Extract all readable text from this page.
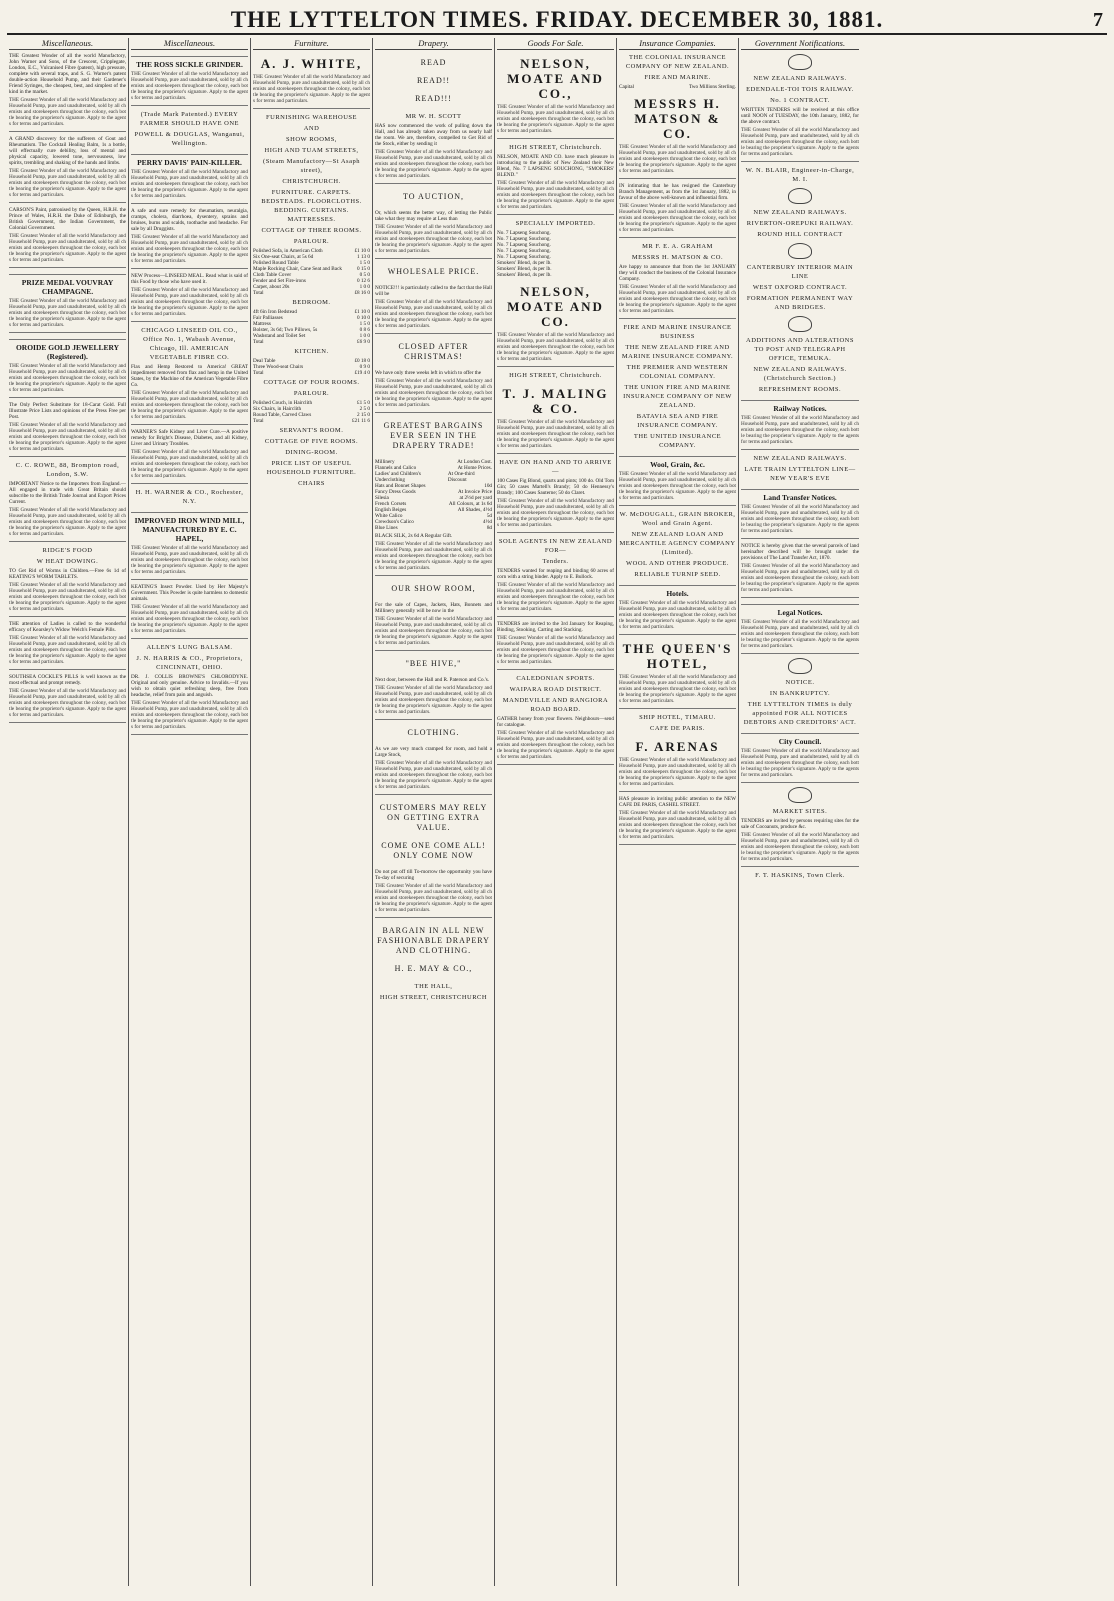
THE LYTTELTON TIMES. FRIDAY. DECEMBER 30, 1881.	7
Miscellaneous.
THE Greatest Wonder of all the world Manufactory, John Warner and Sons, of the Crescent, Cripplegate, London, E.C., Vulcanised Fibre (patent), high pressure, complete with several traps, and S. G. Warner's patent double-action Household Pump, and their Gardener's Friend Syringes, the cheapest, best, and simplest of the kind in the market.
THE Greatest Wonder of all the world Manufactory and Household Pump, pure and unadulterated, sold by all chemists and storekeepers throughout the colony, each bottle bearing the proprietor's signature. Apply to the agents for terms and particulars.
A GRAND discovery for the sufferers of Gout and Rheumatism. The Cocktail Healing Balm, 1s a bottle, will effectually cure debility, loss of mental and physical capacity, lowered tone, nervousness, low spirits, trembling and shaking of the hands and limbs.
THE Greatest Wonder of all the world Manufactory and Household Pump, pure and unadulterated, sold by all chemists and storekeepers throughout the colony, each bottle bearing the proprietor's signature. Apply to the agents for terms and particulars.
CARSON'S Paint, patronised by the Queen, H.R.H. the Prince of Wales, H.R.H. the Duke of Edinburgh, the British Government, the Indian Government, the Colonial Government.
THE Greatest Wonder of all the world Manufactory and Household Pump, pure and unadulterated, sold by all chemists and storekeepers throughout the colony, each bottle bearing the proprietor's signature. Apply to the agents for terms and particulars.
PRIZE MEDAL VOUVRAY CHAMPAGNE.
THE Greatest Wonder of all the world Manufactory and Household Pump, pure and unadulterated, sold by all chemists and storekeepers throughout the colony, each bottle bearing the proprietor's signature. Apply to the agents for terms and particulars.
OROIDE GOLD JEWELLERY (Registered).
THE Greatest Wonder of all the world Manufactory and Household Pump, pure and unadulterated, sold by all chemists and storekeepers throughout the colony, each bottle bearing the proprietor's signature. Apply to the agents for terms and particulars.
The Only Perfect Substitute for 18-Carat Gold. Full Illustrate Price Lists and opinions of the Press Free per Post.
THE Greatest Wonder of all the world Manufactory and Household Pump, pure and unadulterated, sold by all chemists and storekeepers throughout the colony, each bottle bearing the proprietor's signature. Apply to the agents for terms and particulars.
C. C. ROWE, 88, Brompton road, London, S.W.
IMPORTANT Notice to the Importers from England.—All engaged in trade with Great Britain should subscribe to the British Trade Journal and Export Prices Current.
THE Greatest Wonder of all the world Manufactory and Household Pump, pure and unadulterated, sold by all chemists and storekeepers throughout the colony, each bottle bearing the proprietor's signature. Apply to the agents for terms and particulars.
RIDGE'S FOOD
W HEAT DOWING.
TO Get Rid of Worms in Children.—Free 6s 1d of KEATING'S WORM TABLETS.
THE Greatest Wonder of all the world Manufactory and Household Pump, pure and unadulterated, sold by all chemists and storekeepers throughout the colony, each bottle bearing the proprietor's signature. Apply to the agents for terms and particulars.
THE attention of Ladies is called to the wonderful efficacy of Kearsley's Widow Welch's Female Pills.
THE Greatest Wonder of all the world Manufactory and Household Pump, pure and unadulterated, sold by all chemists and storekeepers throughout the colony, each bottle bearing the proprietor's signature. Apply to the agents for terms and particulars.
SOUTHSEA COCKLE'S PILLS is well known as the most effectual and prompt remedy.
THE Greatest Wonder of all the world Manufactory and Household Pump, pure and unadulterated, sold by all chemists and storekeepers throughout the colony, each bottle bearing the proprietor's signature. Apply to the agents for terms and particulars.
Miscellaneous.
THE ROSS SICKLE GRINDER.
THE Greatest Wonder of all the world Manufactory and Household Pump, pure and unadulterated, sold by all chemists and storekeepers throughout the colony, each bottle bearing the proprietor's signature. Apply to the agents for terms and particulars.
(Trade Mark Patented.) EVERY FARMER SHOULD HAVE ONE
POWELL & DOUGLAS, Wanganui, Wellington.
PERRY DAVIS' PAIN-KILLER.
THE Greatest Wonder of all the world Manufactory and Household Pump, pure and unadulterated, sold by all chemists and storekeepers throughout the colony, each bottle bearing the proprietor's signature. Apply to the agents for terms and particulars.
A safe and sure remedy for rheumatism, neuralgia, cramps, cholera, diarrhoea, dysentery, sprains and bruises, burns and scalds, toothache and headache. For sale by all Druggists.
THE Greatest Wonder of all the world Manufactory and Household Pump, pure and unadulterated, sold by all chemists and storekeepers throughout the colony, each bottle bearing the proprietor's signature. Apply to the agents for terms and particulars.
NEW Process—LINSEED MEAL. Read what is said of this Food by those who have used it.
THE Greatest Wonder of all the world Manufactory and Household Pump, pure and unadulterated, sold by all chemists and storekeepers throughout the colony, each bottle bearing the proprietor's signature. Apply to the agents for terms and particulars.
CHICAGO LINSEED OIL CO., Office No. 1, Wabash Avenue, Chicago, Ill. AMERICAN VEGETABLE FIBRE CO.
Flax and Hemp Restored to America! GREAT impediment removed from flax and hemp in the United States, by the Machine of the American Vegetable Fibre Co.
THE Greatest Wonder of all the world Manufactory and Household Pump, pure and unadulterated, sold by all chemists and storekeepers throughout the colony, each bottle bearing the proprietor's signature. Apply to the agents for terms and particulars.
WARNER'S Safe Kidney and Liver Cure.—A positive remedy for Bright's Disease, Diabetes, and all Kidney, Liver and Urinary Troubles.
THE Greatest Wonder of all the world Manufactory and Household Pump, pure and unadulterated, sold by all chemists and storekeepers throughout the colony, each bottle bearing the proprietor's signature. Apply to the agents for terms and particulars.
H. H. WARNER & CO., Rochester, N.Y.
IMPROVED IRON WIND MILL, MANUFACTURED BY E. C. HAPEL,
THE Greatest Wonder of all the world Manufactory and Household Pump, pure and unadulterated, sold by all chemists and storekeepers throughout the colony, each bottle bearing the proprietor's signature. Apply to the agents for terms and particulars.
KEATING'S Insect Powder. Used by Her Majesty's Government. This Powder is quite harmless to domestic animals.
THE Greatest Wonder of all the world Manufactory and Household Pump, pure and unadulterated, sold by all chemists and storekeepers throughout the colony, each bottle bearing the proprietor's signature. Apply to the agents for terms and particulars.
ALLEN'S LUNG BALSAM.
J. N. HARRIS & CO., Proprietors, CINCINNATI, OHIO.
DR. J. COLLIS BROWNE'S CHLORODYNE. Original and only genuine. Advice to Invalids.—If you wish to obtain quiet refreshing sleep, free from headache, relief from pain and anguish.
THE Greatest Wonder of all the world Manufactory and Household Pump, pure and unadulterated, sold by all chemists and storekeepers throughout the colony, each bottle bearing the proprietor's signature. Apply to the agents for terms and particulars.
Furniture.
A. J. WHITE,
THE Greatest Wonder of all the world Manufactory and Household Pump, pure and unadulterated, sold by all chemists and storekeepers throughout the colony, each bottle bearing the proprietor's signature. Apply to the agents for terms and particulars.
FURNISHING WAREHOUSE
AND
SHOW ROOMS,
HIGH AND TUAM STREETS,
(Steam Manufactory—St Asaph street),
CHRISTCHURCH.
FURNITURE. CARPETS. BEDSTEADS. FLOORCLOTHS. BEDDING. CURTAINS. MATTRESSES.
COTTAGE OF THREE ROOMS.
PARLOUR.
Polished Sofa, in American Cloth	£1 10 0
Six One-seat Chairs, at 5s 6d	1 13 0
Polished Round Table	1 5 0
Maple Rocking Chair, Cane Seat and Back	0 15 0
Cloth Table Cover	0 5 0
Fender and Set Fire-irons	0 12 6
Carpet, about 20s	1 0 0
Total	£8 16 0
BEDROOM.
4ft 6in Iron Bedstead	£1 10 0
Fair Palliasses	0 10 0
Mattress	1 5 0
Bolster, 3s 6d; Two Pillows, 5s	0 8 6
Washstand and Toilet Set	1 0 0
Total	£6 9 0
KITCHEN.
Deal Table	£0 18 0
Three Wood-seat Chairs	0 9 0
Total	£19 4 0
COTTAGE OF FOUR ROOMS.
PARLOUR.
Polished Couch, in Hairclith	£1 5 0
Six Chairs, in Hairclith	2 5 0
Round Table, Carved Claws	2 15 0
Total	£21 11 6
SERVANT'S ROOM.
COTTAGE OF FIVE ROOMS.
DINING-ROOM.
PRICE LIST OF USEFUL HOUSEHOLD FURNITURE.
CHAIRS
Drapery.
READ
READ!!
READ!!!
MR W. H. SCOTT
HAS now commenced the work of pulling down the Hall, and has already taken away from us nearly half the room. We are, therefore, compelled to Get Rid of the Stock, either by sending it
THE Greatest Wonder of all the world Manufactory and Household Pump, pure and unadulterated, sold by all chemists and storekeepers throughout the colony, each bottle bearing the proprietor's signature. Apply to the agents for terms and particulars.
TO AUCTION,
Or, which seems the better way, of letting the Public take what they may require at Less than
THE Greatest Wonder of all the world Manufactory and Household Pump, pure and unadulterated, sold by all chemists and storekeepers throughout the colony, each bottle bearing the proprietor's signature. Apply to the agents for terms and particulars.
WHOLESALE PRICE.
NOTICE!!! is particularly called to the fact that the Hall will be
THE Greatest Wonder of all the world Manufactory and Household Pump, pure and unadulterated, sold by all chemists and storekeepers throughout the colony, each bottle bearing the proprietor's signature. Apply to the agents for terms and particulars.
CLOSED AFTER CHRISTMAS!
We have only three weeks left in which to offer the
THE Greatest Wonder of all the world Manufactory and Household Pump, pure and unadulterated, sold by all chemists and storekeepers throughout the colony, each bottle bearing the proprietor's signature. Apply to the agents for terms and particulars.
GREATEST BARGAINS EVER SEEN IN THE DRAPERY TRADE!
Millinery	At London Cost.
Flannels and Calico	At Home Prices.
Ladies' and Children's Underclothing
At One-third Discount
Hats and Bonnet Shapes	10d
Fancy Dress Goods	At Invoice Price
Silesia	at 2½d per yard
French Corsets	All Colours, at 1s 6d
English Beiges	All Shades, 4½d
White Calico	5d
Crewdson's Calico	4½d
Blue Lines	8d
BLACK SILK, 2s 6d A Regular Gift.
THE Greatest Wonder of all the world Manufactory and Household Pump, pure and unadulterated, sold by all chemists and storekeepers throughout the colony, each bottle bearing the proprietor's signature. Apply to the agents for terms and particulars.
OUR SHOW ROOM,
For the sale of Capes, Jackets, Hats, Bonnets and Millinery generally will be now in the
THE Greatest Wonder of all the world Manufactory and Household Pump, pure and unadulterated, sold by all chemists and storekeepers throughout the colony, each bottle bearing the proprietor's signature. Apply to the agents for terms and particulars.
"BEE HIVE,"
Next door, between the Hall and R. Paterson and Co.'s.
THE Greatest Wonder of all the world Manufactory and Household Pump, pure and unadulterated, sold by all chemists and storekeepers throughout the colony, each bottle bearing the proprietor's signature. Apply to the agents for terms and particulars.
CLOTHING.
As we are very much cramped for room, and hold a Large Stock,
THE Greatest Wonder of all the world Manufactory and Household Pump, pure and unadulterated, sold by all chemists and storekeepers throughout the colony, each bottle bearing the proprietor's signature. Apply to the agents for terms and particulars.
CUSTOMERS MAY RELY ON GETTING EXTRA VALUE.
COME ONE COME ALL! ONLY COME NOW
Do not put off till To-morrow the opportunity you have To-day of securing
THE Greatest Wonder of all the world Manufactory and Household Pump, pure and unadulterated, sold by all chemists and storekeepers throughout the colony, each bottle bearing the proprietor's signature. Apply to the agents for terms and particulars.
BARGAIN IN ALL NEW FASHIONABLE DRAPERY AND CLOTHING.
H. E. MAY & CO.,
THE HALL,
HIGH STREET, CHRISTCHURCH
Goods For Sale.
NELSON, MOATE AND CO.,
THE Greatest Wonder of all the world Manufactory and Household Pump, pure and unadulterated, sold by all chemists and storekeepers throughout the colony, each bottle bearing the proprietor's signature. Apply to the agents for terms and particulars.
HIGH STREET, Christchurch.
NELSON, MOATE AND CO. have much pleasure in introducing to the public of New Zealand their New Blend, No. 7 LAPSENG SOUCHONG, "SMOKERS' BLEND."
THE Greatest Wonder of all the world Manufactory and Household Pump, pure and unadulterated, sold by all chemists and storekeepers throughout the colony, each bottle bearing the proprietor's signature. Apply to the agents for terms and particulars.
SPECIALLY IMPORTED.
No. 7 Lapseng Souchong.
No. 7 Lapseng Souchong.
No. 7 Lapseng Souchong.
No. 7 Lapseng Souchong.
No. 7 Lapseng Souchong.
Smokers' Blend, 4s per lb.
Smokers' Blend, 4s per lb.
Smokers' Blend, 4s per lb.
NELSON, MOATE AND CO.
THE Greatest Wonder of all the world Manufactory and Household Pump, pure and unadulterated, sold by all chemists and storekeepers throughout the colony, each bottle bearing the proprietor's signature. Apply to the agents for terms and particulars.
HIGH STREET, Christchurch.
T. J. MALING & CO.
THE Greatest Wonder of all the world Manufactory and Household Pump, pure and unadulterated, sold by all chemists and storekeepers throughout the colony, each bottle bearing the proprietor's signature. Apply to the agents for terms and particulars.
HAVE ON HAND AND TO ARRIVE—
100 Cases Fig Blond, quarts and pints; 100 do. Old Tom Gin; 50 cases Martell's Brandy; 50 do Hennessy's Brandy; 100 Cases Sauterne; 50 do Claret.
THE Greatest Wonder of all the world Manufactory and Household Pump, pure and unadulterated, sold by all chemists and storekeepers throughout the colony, each bottle bearing the proprietor's signature. Apply to the agents for terms and particulars.
SOLE AGENTS IN NEW ZEALAND FOR—
Tenders.
TENDERS wanted for reaping and binding 60 acres of corn with a string binder. Apply to E. Bullock.
THE Greatest Wonder of all the world Manufactory and Household Pump, pure and unadulterated, sold by all chemists and storekeepers throughout the colony, each bottle bearing the proprietor's signature. Apply to the agents for terms and particulars.
TENDERS are invited to the 3rd January for Reaping, Binding, Stooking, Carting and Stacking.
THE Greatest Wonder of all the world Manufactory and Household Pump, pure and unadulterated, sold by all chemists and storekeepers throughout the colony, each bottle bearing the proprietor's signature. Apply to the agents for terms and particulars.
CALEDONIAN SPORTS.
WAIPARA ROAD DISTRICT.
MANDEVILLE AND RANGIORA ROAD BOARD.
GATHER honey from your flowers. Neighbours—send for catalogue.
THE Greatest Wonder of all the world Manufactory and Household Pump, pure and unadulterated, sold by all chemists and storekeepers throughout the colony, each bottle bearing the proprietor's signature. Apply to the agents for terms and particulars.
Insurance Companies.
THE COLONIAL INSURANCE COMPANY OF NEW ZEALAND.
FIRE AND MARINE.
Capital	Two Millions Sterling.
MESSRS H. MATSON & CO.
THE Greatest Wonder of all the world Manufactory and Household Pump, pure and unadulterated, sold by all chemists and storekeepers throughout the colony, each bottle bearing the proprietor's signature. Apply to the agents for terms and particulars.
IN intimating that he has resigned the Canterbury Branch Management, as from the 1st January, 1882, in favour of the above well-known and influential firm.
THE Greatest Wonder of all the world Manufactory and Household Pump, pure and unadulterated, sold by all chemists and storekeepers throughout the colony, each bottle bearing the proprietor's signature. Apply to the agents for terms and particulars.
MR F. E. A. GRAHAM
MESSRS H. MATSON & CO.
Are happy to announce that from the 1st JANUARY they will conduct the business of the Colonial Insurance Company.
THE Greatest Wonder of all the world Manufactory and Household Pump, pure and unadulterated, sold by all chemists and storekeepers throughout the colony, each bottle bearing the proprietor's signature. Apply to the agents for terms and particulars.
FIRE AND MARINE INSURANCE BUSINESS
THE NEW ZEALAND FIRE AND MARINE INSURANCE COMPANY.
THE PREMIER AND WESTERN COLONIAL COMPANY.
THE UNION FIRE AND MARINE INSURANCE COMPANY OF NEW ZEALAND.
BATAVIA SEA AND FIRE INSURANCE COMPANY.
THE UNITED INSURANCE COMPANY.
Wool, Grain, &c.
THE Greatest Wonder of all the world Manufactory and Household Pump, pure and unadulterated, sold by all chemists and storekeepers throughout the colony, each bottle bearing the proprietor's signature. Apply to the agents for terms and particulars.
W. McDOUGALL, GRAIN BROKER, Wool and Grain Agent.
NEW ZEALAND LOAN AND MERCANTILE AGENCY COMPANY (Limited).
WOOL AND OTHER PRODUCE.
RELIABLE TURNIP SEED.
Hotels.
THE Greatest Wonder of all the world Manufactory and Household Pump, pure and unadulterated, sold by all chemists and storekeepers throughout the colony, each bottle bearing the proprietor's signature. Apply to the agents for terms and particulars.
THE QUEEN'S HOTEL,
THE Greatest Wonder of all the world Manufactory and Household Pump, pure and unadulterated, sold by all chemists and storekeepers throughout the colony, each bottle bearing the proprietor's signature. Apply to the agents for terms and particulars.
SHIP HOTEL, TIMARU.
CAFE DE PARIS.
F. ARENAS
THE Greatest Wonder of all the world Manufactory and Household Pump, pure and unadulterated, sold by all chemists and storekeepers throughout the colony, each bottle bearing the proprietor's signature. Apply to the agents for terms and particulars.
HAS pleasure in inviting public attention to the NEW CAFE DE PARIS, CASHEL STREET.
THE Greatest Wonder of all the world Manufactory and Household Pump, pure and unadulterated, sold by all chemists and storekeepers throughout the colony, each bottle bearing the proprietor's signature. Apply to the agents for terms and particulars.
Government Notifications.
NEW ZEALAND RAILWAYS.
EDENDALE-TOI TOIS RAILWAY.
No. 1 CONTRACT.
WRITTEN TENDERS will be received at this office until NOON of TUESDAY, the 10th January, 1882, for the above contract.
THE Greatest Wonder of all the world Manufactory and Household Pump, pure and unadulterated, sold by all chemists and storekeepers throughout the colony, each bottle bearing the proprietor's signature. Apply to the agents for terms and particulars.
W. N. BLAIR, Engineer-in-Charge, M. I.
NEW ZEALAND RAILWAYS.
RIVERTON-OREPUKI RAILWAY.
ROUND HILL CONTRACT
CANTERBURY INTERIOR MAIN LINE
WEST OXFORD CONTRACT.
FORMATION PERMANENT WAY AND BRIDGES.
ADDITIONS AND ALTERATIONS TO POST AND TELEGRAPH OFFICE, TEMUKA.
NEW ZEALAND RAILWAYS. (Christchurch Section.)
REFRESHMENT ROOMS.
Railway Notices.
THE Greatest Wonder of all the world Manufactory and Household Pump, pure and unadulterated, sold by all chemists and storekeepers throughout the colony, each bottle bearing the proprietor's signature. Apply to the agents for terms and particulars.
NEW ZEALAND RAILWAYS.
LATE TRAIN LYTTELTON LINE—NEW YEAR'S EVE
Land Transfer Notices.
THE Greatest Wonder of all the world Manufactory and Household Pump, pure and unadulterated, sold by all chemists and storekeepers throughout the colony, each bottle bearing the proprietor's signature. Apply to the agents for terms and particulars.
NOTICE is hereby given that the several parcels of land hereinafter described will be brought under the provisions of The Land Transfer Act, 1870.
THE Greatest Wonder of all the world Manufactory and Household Pump, pure and unadulterated, sold by all chemists and storekeepers throughout the colony, each bottle bearing the proprietor's signature. Apply to the agents for terms and particulars.
Legal Notices.
THE Greatest Wonder of all the world Manufactory and Household Pump, pure and unadulterated, sold by all chemists and storekeepers throughout the colony, each bottle bearing the proprietor's signature. Apply to the agents for terms and particulars.
NOTICE.
IN BANKRUPTCY.
THE LYTTELTON TIMES is duly appointed FOR ALL NOTICES DEBTORS AND CREDITORS' ACT.
City Council.
THE Greatest Wonder of all the world Manufactory and Household Pump, pure and unadulterated, sold by all chemists and storekeepers throughout the colony, each bottle bearing the proprietor's signature. Apply to the agents for terms and particulars.
MARKET SITES.
TENDERS are invited by persons requiring sites for the sale of Cocoanuts, produce &c.
THE Greatest Wonder of all the world Manufactory and Household Pump, pure and unadulterated, sold by all chemists and storekeepers throughout the colony, each bottle bearing the proprietor's signature. Apply to the agents for terms and particulars.
F. T. HASKINS, Town Clerk.
